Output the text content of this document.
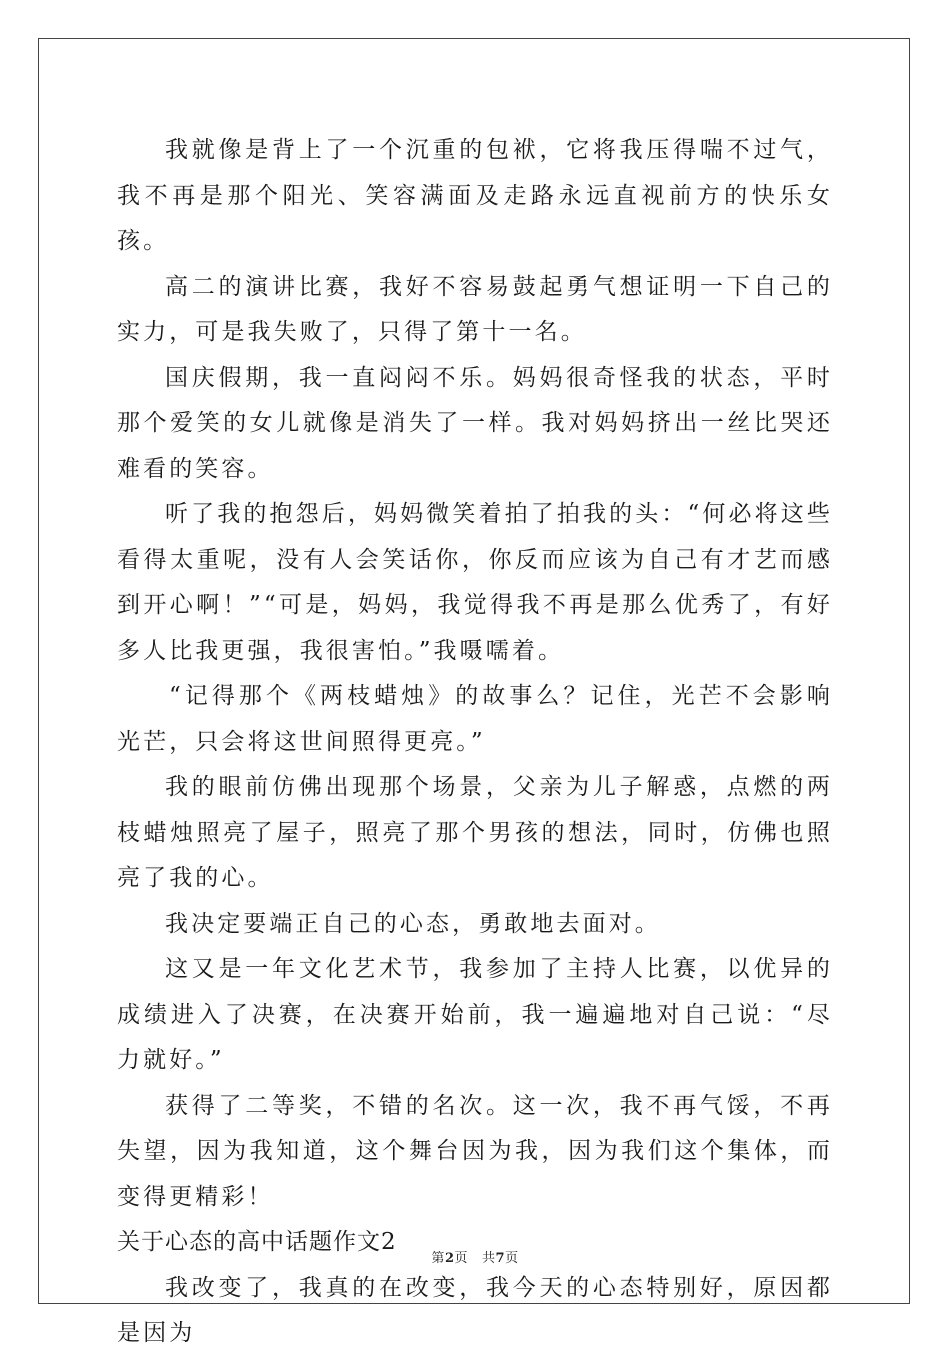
我就像是背上了一个沉重的包袱，它将我压得喘不过气，我不再是那个阳光、笑容满面及走路永远直视前方的快乐女孩。

高二的演讲比赛，我好不容易鼓起勇气想证明一下自己的实力，可是我失败了，只得了第十一名。

国庆假期，我一直闷闷不乐。妈妈很奇怪我的状态，平时那个爱笑的女儿就像是消失了一样。我对妈妈挤出一丝比哭还难看的笑容。

听了我的抱怨后，妈妈微笑着拍了拍我的头：“何必将这些看得太重呢，没有人会笑话你，你反而应该为自己有才艺而感到开心啊！”“可是，妈妈，我觉得我不再是那么优秀了，有好多人比我更强，我很害怕。”我嗫嚅着。

“记得那个《两枝蜡烛》的故事么？记住，光芒不会影响光芒，只会将这世间照得更亮。”

我的眼前仿佛出现那个场景，父亲为儿子解惑，点燃的两枝蜡烛照亮了屋子，照亮了那个男孩的想法，同时，仿佛也照亮了我的心。

我决定要端正自己的心态，勇敢地去面对。

这又是一年文化艺术节，我参加了主持人比赛，以优异的成绩进入了决赛，在决赛开始前，我一遍遍地对自己说：“尽力就好。”

获得了二等奖，不错的名次。这一次，我不再气馁，不再失望，因为我知道，这个舞台因为我，因为我们这个集体，而变得更精彩！

关于心态的高中话题作文2

我改变了，我真的在改变，我今天的心态特别好，原因都是因为

第2页 共7页
